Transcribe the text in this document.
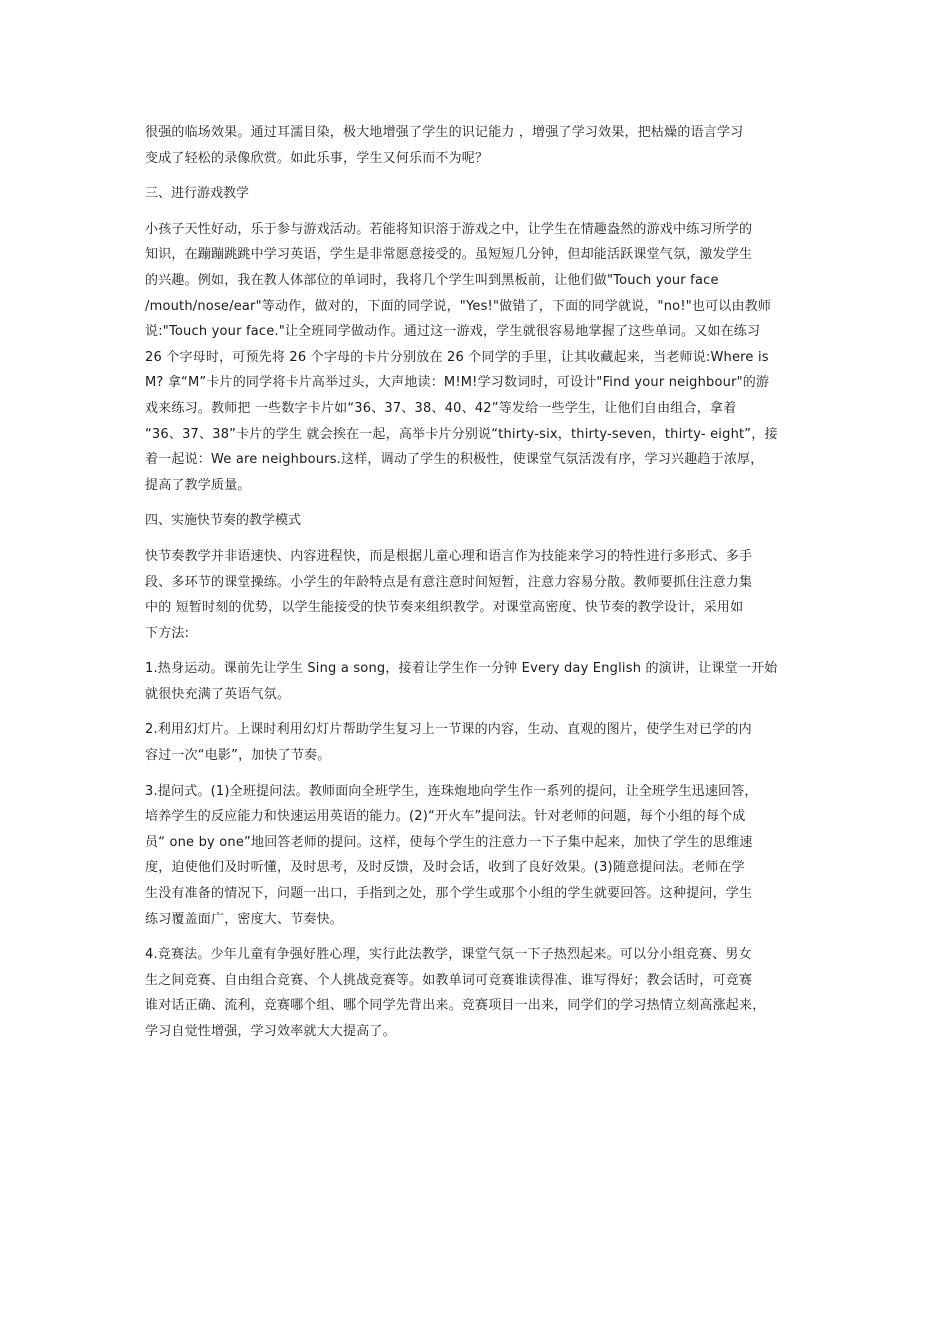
很强的临场效果。通过耳濡目染，极大地增强了学生的识记能力 ，增强了学习效果，把枯燥的语言学习
变成了轻松的录像欣赏。如此乐事，学生又何乐而不为呢？

三、进行游戏教学

小孩子天性好动，乐于参与游戏活动。若能将知识溶于游戏之中，让学生在情趣盎然的游戏中练习所学的
知识，在蹦蹦跳跳中学习英语，学生是非常愿意接受的。虽短短几分钟，但却能活跃课堂气氛，激发学生
的兴趣。例如，我在教人体部位的单词时，我将几个学生叫到黑板前，让他们做"Touch your face
/mouth/nose/ear"等动作，做对的，下面的同学说，"Yes!"做错了，下面的同学就说，"no!"也可以由教师
说:"Touch your face."让全班同学做动作。通过这一游戏，学生就很容易地掌握了这些单词。又如在练习
26 个字母时，可预先将 26 个字母的卡片分别放在 26 个同学的手里，让其收藏起来，当老师说:Where is
M? 拿“M”卡片的同学将卡片高举过头，大声地读：M!M!学习数词时，可设计"Find your neighbour"的游
戏来练习。教师把 一些数字卡片如“36、37、38、40、42”等发给一些学生，让他们自由组合，拿着
“36、37、38”卡片的学生 就会挨在一起，高举卡片分别说“thirty-six，thirty-seven，thirty- eight”，接
着一起说：We are neighbours.这样，调动了学生的积极性，使课堂气氛活泼有序，学习兴趣趋于浓厚，
提高了教学质量。

四、实施快节奏的教学模式

快节奏教学并非语速快、内容进程快，而是根据儿童心理和语言作为技能来学习的特性进行多形式、多手
段、多环节的课堂操练。小学生的年龄特点是有意注意时间短暂，注意力容易分散。教师要抓住注意力集
中的 短暂时刻的优势，以学生能接受的快节奏来组织教学。对课堂高密度、快节奏的教学设计，采用如
下方法:

1.热身运动。课前先让学生 Sing a song，接着让学生作一分钟 Every day English 的演讲，让课堂一开始
就很快充满了英语气氛。

2.利用幻灯片。上课时利用幻灯片帮助学生复习上一节课的内容，生动、直观的图片，使学生对已学的内
容过一次“电影”，加快了节奏。

3.提问式。(1)全班提问法。教师面向全班学生，连珠炮地向学生作一系列的提问，让全班学生迅速回答，
培养学生的反应能力和快速运用英语的能力。(2)“开火车”提问法。针对老师的问题，每个小组的每个成
员“ one by one”地回答老师的提问。这样，使每个学生的注意力一下子集中起来，加快了学生的思维速
度，迫使他们及时听懂，及时思考，及时反馈，及时会话，收到了良好效果。(3)随意提问法。老师在学
生没有准备的情况下，问题一出口，手指到之处，那个学生或那个小组的学生就要回答。这种提问，学生
练习覆盖面广，密度大、节奏快。

4.竞赛法。少年儿童有争强好胜心理，实行此法教学，课堂气氛一下子热烈起来。可以分小组竞赛、男女
生之间竞赛、自由组合竞赛、个人挑战竞赛等。如教单词可竞赛谁读得准、谁写得好；教会话时，可竞赛
谁对话正确、流利，竞赛哪个组、哪个同学先背出来。竞赛项目一出来，同学们的学习热情立刻高涨起来，
学习自觉性增强，学习效率就大大提高了。
